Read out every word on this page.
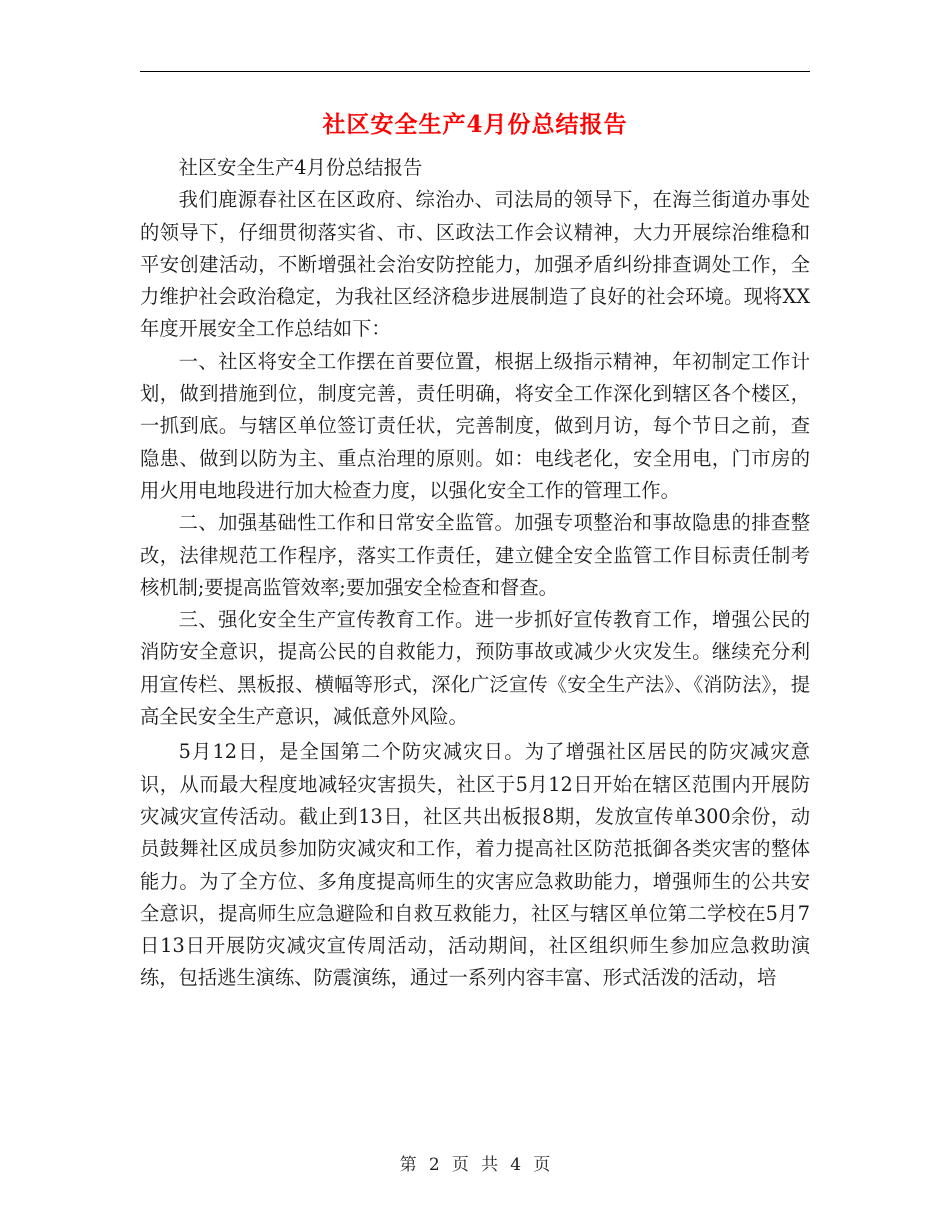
社区安全生产4月份总结报告

社区安全生产4月份总结报告

我们鹿源春社区在区政府、综治办、司法局的领导下，在海兰街道办事处的领导下，仔细贯彻落实省、市、区政法工作会议精神，大力开展综治维稳和平安创建活动，不断增强社会治安防控能力，加强矛盾纠纷排查调处工作，全力维护社会政治稳定，为我社区经济稳步进展制造了良好的社会环境。现将XX年度开展安全工作总结如下：

一、社区将安全工作摆在首要位置，根据上级指示精神，年初制定工作计划，做到措施到位，制度完善，责任明确，将安全工作深化到辖区各个楼区，一抓到底。与辖区单位签订责任状，完善制度，做到月访，每个节日之前，查隐患、做到以防为主、重点治理的原则。如：电线老化，安全用电，门市房的用火用电地段进行加大检查力度，以强化安全工作的管理工作。

二、加强基础性工作和日常安全监管。加强专项整治和事故隐患的排查整改，法律规范工作程序，落实工作责任，建立健全安全监管工作目标责任制考核机制;要提高监管效率;要加强安全检查和督查。

三、强化安全生产宣传教育工作。进一步抓好宣传教育工作，增强公民的消防安全意识，提高公民的自救能力，预防事故或减少火灾发生。继续充分利用宣传栏、黑板报、横幅等形式，深化广泛宣传《安全生产法》、《消防法》，提高全民安全生产意识，减低意外风险。

5月12日，是全国第二个防灾减灾日。为了增强社区居民的防灾减灾意识，从而最大程度地减轻灾害损失，社区于5月12日开始在辖区范围内开展防灾减灾宣传活动。截止到13日，社区共出板报8期，发放宣传单300余份，动员鼓舞社区成员参加防灾减灾和工作，着力提高社区防范抵御各类灾害的整体能力。为了全方位、多角度提高师生的灾害应急救助能力，增强师生的公共安全意识，提高师生应急避险和自救互救能力，社区与辖区单位第二学校在5月7日13日开展防灾减灾宣传周活动，活动期间，社区组织师生参加应急救助演练，包括逃生演练、防震演练，通过一系列内容丰富、形式活泼的活动，培

第 2 页 共 4 页
